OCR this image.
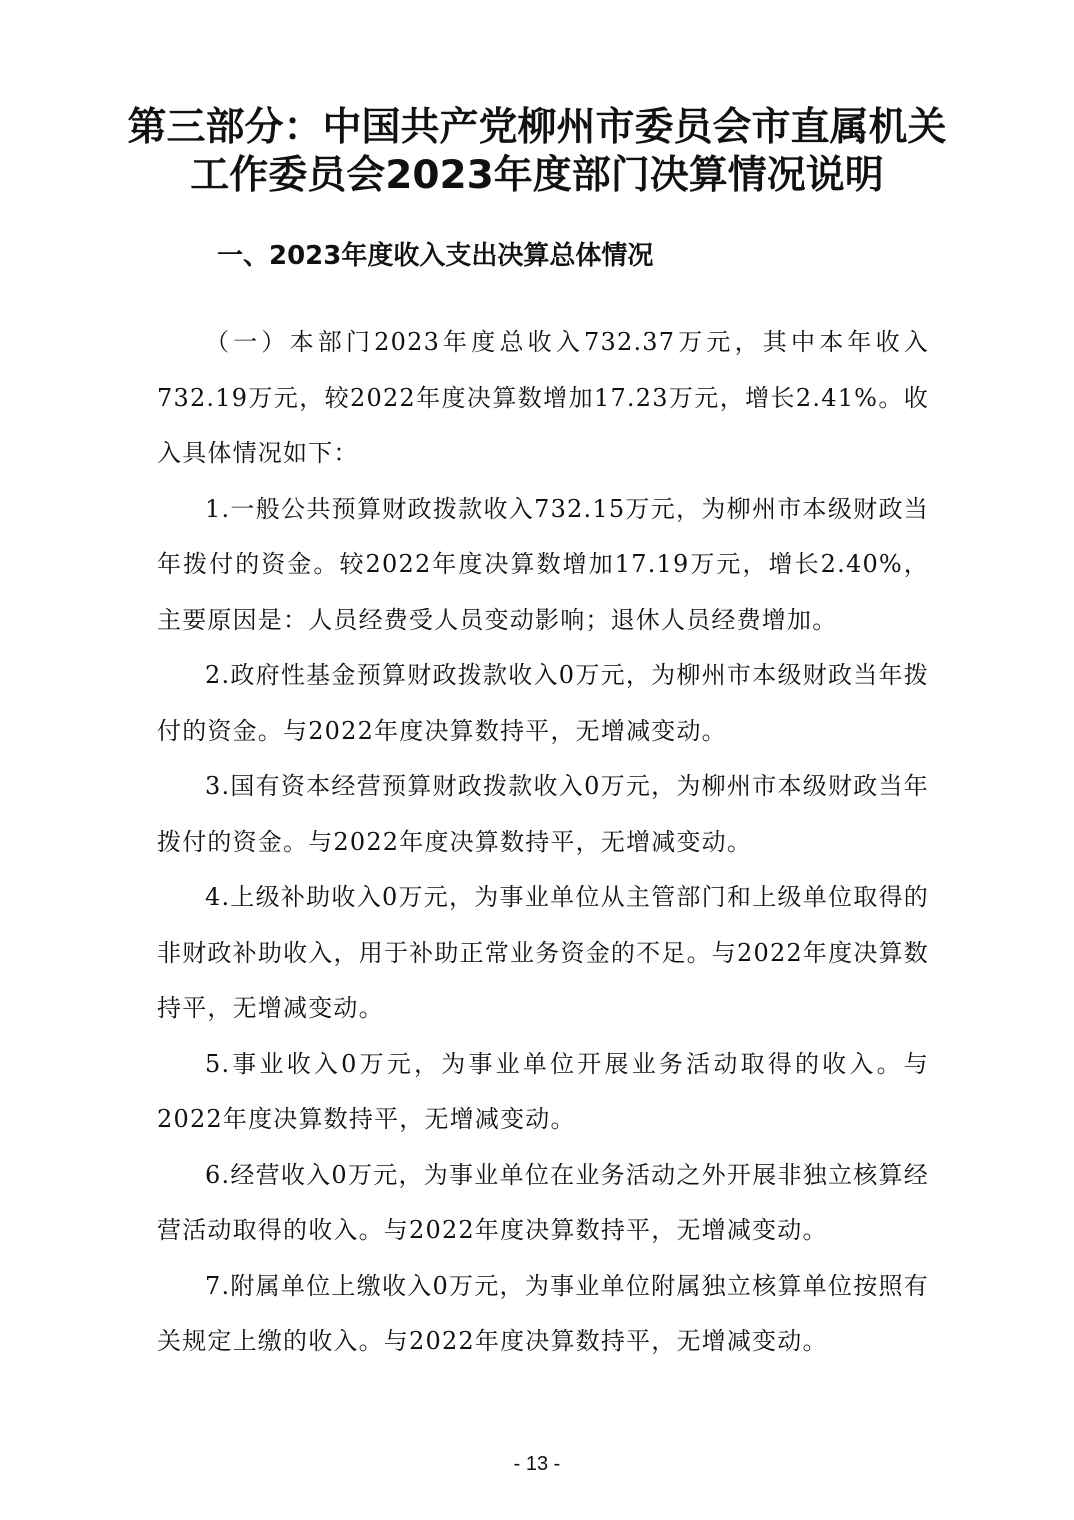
第三部分：中国共产党柳州市委员会市直属机关工作委员会2023年度部门决算情况说明
一、2023年度收入支出决算总体情况

（一）本部门2023年度总收入732.37万元，其中本年收入732.19万元，较2022年度决算数增加17.23万元，增长2.41%。收入具体情况如下：

1.一般公共预算财政拨款收入732.15万元，为柳州市本级财政当年拨付的资金。较2022年度决算数增加17.19万元，增长2.40%，主要原因是：人员经费受人员变动影响；退休人员经费增加。

2.政府性基金预算财政拨款收入0万元，为柳州市本级财政当年拨付的资金。与2022年度决算数持平，无增减变动。

3.国有资本经营预算财政拨款收入0万元，为柳州市本级财政当年拨付的资金。与2022年度决算数持平，无增减变动。

4.上级补助收入0万元，为事业单位从主管部门和上级单位取得的非财政补助收入，用于补助正常业务资金的不足。与2022年度决算数持平，无增减变动。

5.事业收入0万元，为事业单位开展业务活动取得的收入。与2022年度决算数持平，无增减变动。

6.经营收入0万元，为事业单位在业务活动之外开展非独立核算经营活动取得的收入。与2022年度决算数持平，无增减变动。

7.附属单位上缴收入0万元，为事业单位附属独立核算单位按照有关规定上缴的收入。与2022年度决算数持平，无增减变动。

- 13 -
